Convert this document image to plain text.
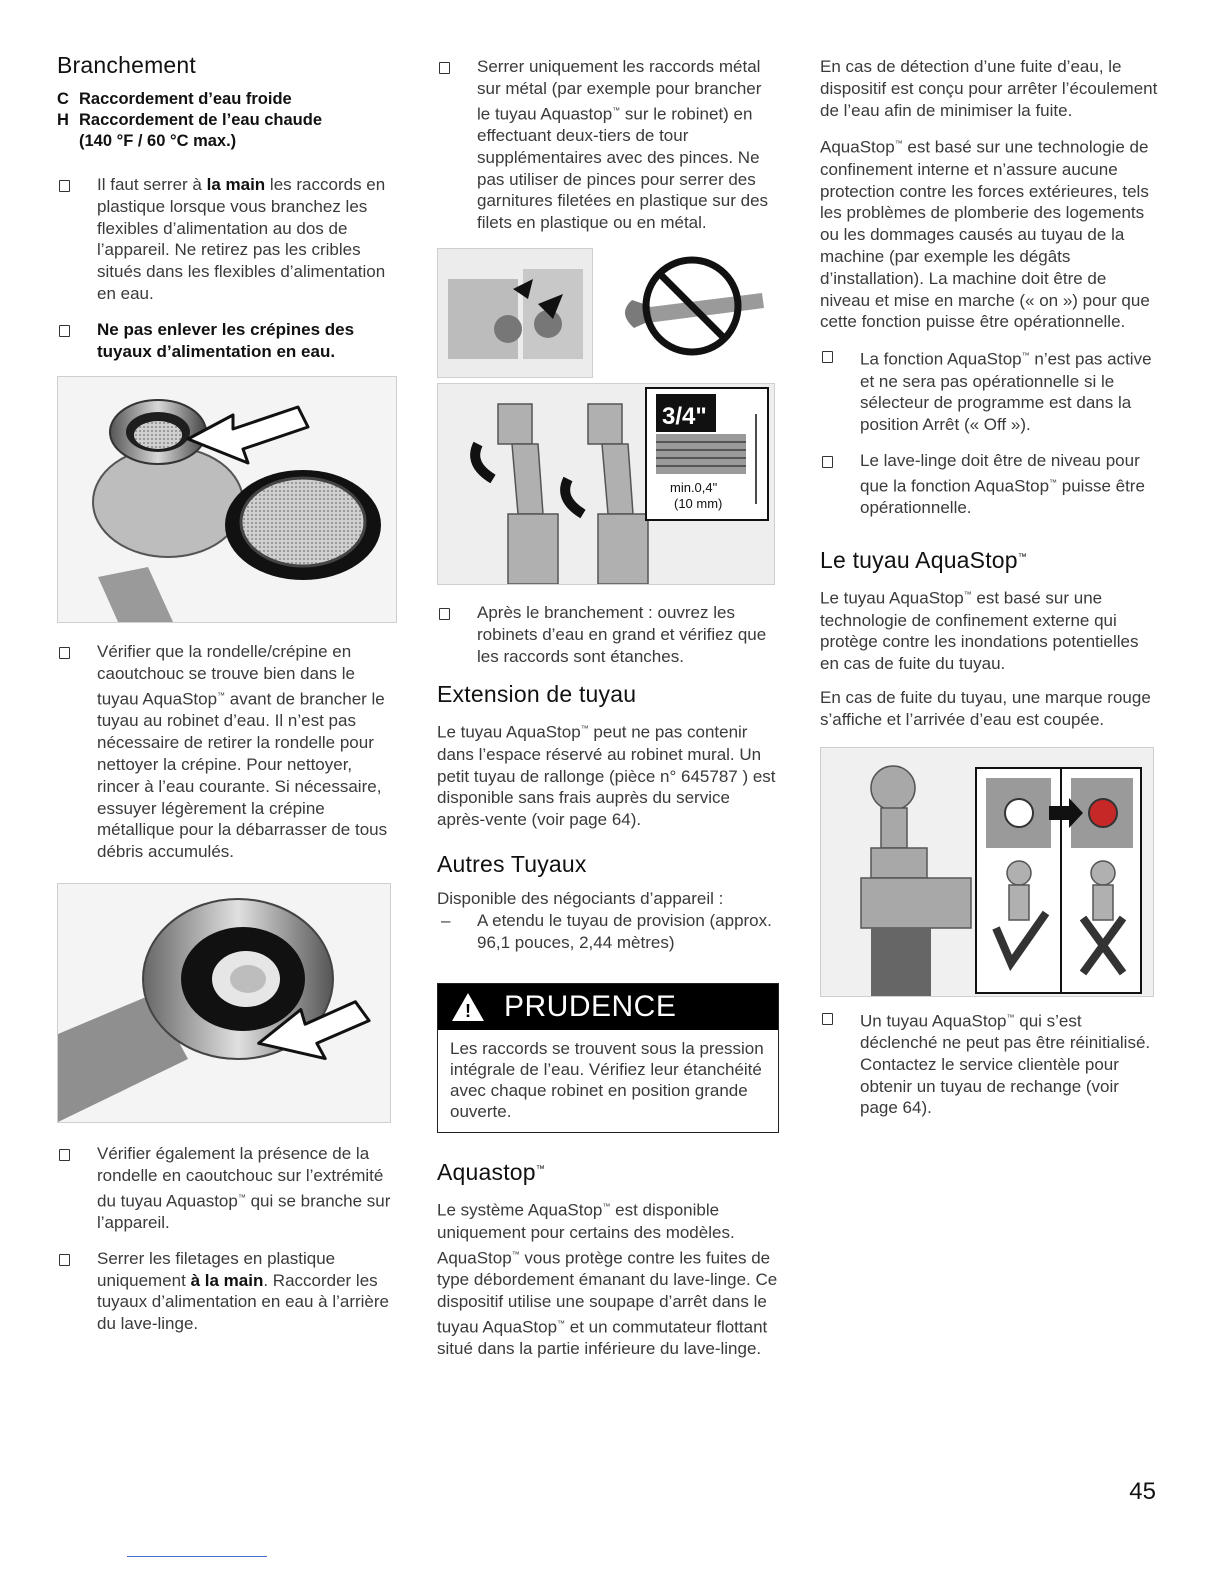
Branchement
C Raccordement d’eau froide
H Raccordement de l’eau chaude
(140 °F / 60 °C max.)
Il faut serrer à la main les raccords en plastique lorsque vous branchez les flexibles d’alimentation au dos de l’appareil. Ne retirez pas les cribles situés dans les flexibles d’alimentation en eau.
Ne pas enlever les crépines des tuyaux d’alimentation en eau.
Vérifier que la rondelle/crépine en caoutchouc se trouve bien dans le tuyau AquaStop™ avant de brancher le tuyau au robinet d’eau. Il n’est pas nécessaire de retirer la rondelle pour nettoyer la crépine. Pour nettoyer, rincer à l’eau courante. Si nécessaire, essuyer légèrement la crépine métallique pour la débarrasser de tous débris accumulés.
Vérifier également la présence de la rondelle en caoutchouc sur l’extrémité du tuyau Aquastop™ qui se branche sur l’appareil.
Serrer les filetages en plastique uniquement à la main. Raccorder les tuyaux d’alimentation en eau à l’arrière du lave-linge.
Serrer uniquement les raccords métal sur métal (par exemple pour brancher le tuyau Aquastop™ sur le robinet) en effectuant deux-tiers de tour supplémentaires avec des pinces. Ne pas utiliser de pinces pour serrer des garnitures filetées en plastique sur des filets en plastique ou en métal.
3/4"
min.0,4"
(10 mm)
Après le branchement : ouvrez les robinets d’eau en grand et vérifiez que les raccords sont étanches.
Extension de tuyau

Le tuyau AquaStop™ peut ne pas contenir dans l’espace réservé au robinet mural. Un petit tuyau de rallonge (pièce n° 645787 ) est disponible sans frais auprès du service après-vente (voir page 64).

Autres Tuyaux

Disponible des négociants d’appareil :

– A etendu le tuyau de provision (approx. 96,1 pouces, 2,44 mètres)
! PRUDENCE
Les raccords se trouvent sous la pression intégrale de l’eau. Vérifiez leur étanchéité avec chaque robinet en position grande ouverte.
Aquastop™

Le système AquaStop™ est disponible uniquement pour certains des modèles. AquaStop™ vous protège contre les fuites de type débordement émanant du lave-linge. Ce dispositif utilise une soupape d’arrêt dans le tuyau AquaStop™ et un commutateur flottant situé dans la partie inférieure du lave-linge.

En cas de détection d’une fuite d’eau, le dispositif est conçu pour arrêter l’écoulement de l’eau afin de minimiser la fuite.

AquaStop™ est basé sur une technologie de confinement interne et n’assure aucune protection contre les forces extérieures, tels les problèmes de plomberie des logements ou les dommages causés au tuyau de la machine (par exemple les dégâts d’installation). La machine doit être de niveau et mise en marche (« on ») pour que cette fonction puisse être opérationnelle.

La fonction AquaStop™ n’est pas active et ne sera pas opérationnelle si le sélecteur de programme est dans la position Arrêt (« Off »).
Le lave-linge doit être de niveau pour que la fonction AquaStop™ puisse être opérationnelle.
Le tuyau AquaStop™

Le tuyau AquaStop™ est basé sur une technologie de confinement externe qui protège contre les inondations potentielles en cas de fuite du tuyau.

En cas de fuite du tuyau, une marque rouge s’affiche et l’arrivée d’eau est coupée.

Un tuyau AquaStop™ qui s’est déclenché ne peut pas être réinitialisé. Contactez le service clientèle pour obtenir un tuyau de rechange (voir page 64).
45
